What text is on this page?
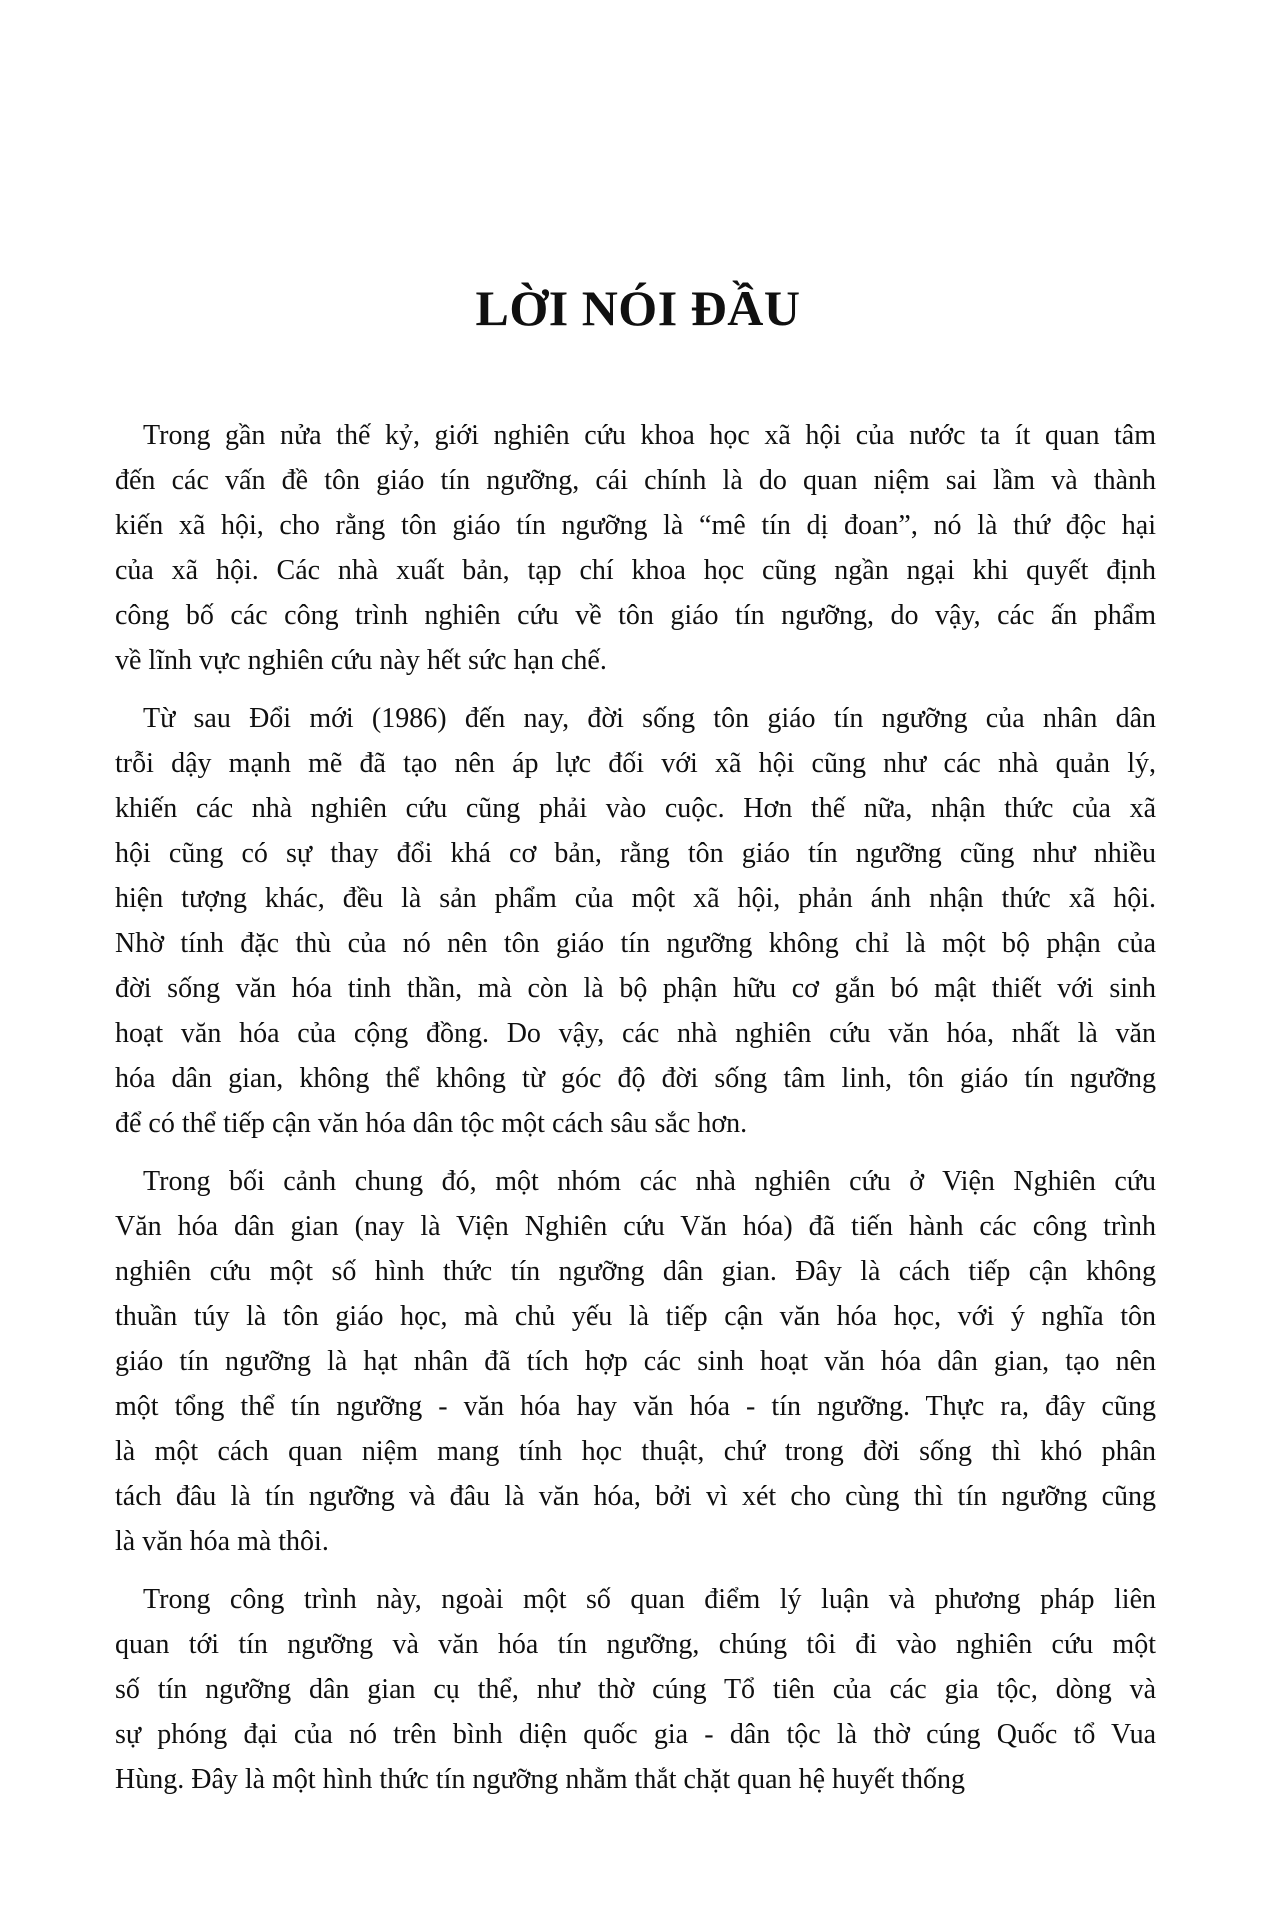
LỜI NÓI ĐẦU
Trong gần nửa thế kỷ, giới nghiên cứu khoa học xã hội của nước ta ít quan tâm
đến các vấn đề tôn giáo tín ngưỡng, cái chính là do quan niệm sai lầm và thành
kiến xã hội, cho rằng tôn giáo tín ngưỡng là “mê tín dị đoan”, nó là thứ độc hại
của xã hội. Các nhà xuất bản, tạp chí khoa học cũng ngần ngại khi quyết định
công bố các công trình nghiên cứu về tôn giáo tín ngưỡng, do vậy, các ấn phẩm
về lĩnh vực nghiên cứu này hết sức hạn chế.
Từ sau Đổi mới (1986) đến nay, đời sống tôn giáo tín ngưỡng của nhân dân
trỗi dậy mạnh mẽ đã tạo nên áp lực đối với xã hội cũng như các nhà quản lý,
khiến các nhà nghiên cứu cũng phải vào cuộc. Hơn thế nữa, nhận thức của xã
hội cũng có sự thay đổi khá cơ bản, rằng tôn giáo tín ngưỡng cũng như nhiều
hiện tượng khác, đều là sản phẩm của một xã hội, phản ánh nhận thức xã hội.
Nhờ tính đặc thù của nó nên tôn giáo tín ngưỡng không chỉ là một bộ phận của
đời sống văn hóa tinh thần, mà còn là bộ phận hữu cơ gắn bó mật thiết với sinh
hoạt văn hóa của cộng đồng. Do vậy, các nhà nghiên cứu văn hóa, nhất là văn
hóa dân gian, không thể không từ góc độ đời sống tâm linh, tôn giáo tín ngưỡng
để có thể tiếp cận văn hóa dân tộc một cách sâu sắc hơn.
Trong bối cảnh chung đó, một nhóm các nhà nghiên cứu ở Viện Nghiên cứu
Văn hóa dân gian (nay là Viện Nghiên cứu Văn hóa) đã tiến hành các công trình
nghiên cứu một số hình thức tín ngưỡng dân gian. Đây là cách tiếp cận không
thuần túy là tôn giáo học, mà chủ yếu là tiếp cận văn hóa học, với ý nghĩa tôn
giáo tín ngưỡng là hạt nhân đã tích hợp các sinh hoạt văn hóa dân gian, tạo nên
một tổng thể tín ngưỡng - văn hóa hay văn hóa - tín ngưỡng. Thực ra, đây cũng
là một cách quan niệm mang tính học thuật, chứ trong đời sống thì khó phân
tách đâu là tín ngưỡng và đâu là văn hóa, bởi vì xét cho cùng thì tín ngưỡng cũng
là văn hóa mà thôi.
Trong công trình này, ngoài một số quan điểm lý luận và phương pháp liên
quan tới tín ngưỡng và văn hóa tín ngưỡng, chúng tôi đi vào nghiên cứu một
số tín ngưỡng dân gian cụ thể, như thờ cúng Tổ tiên của các gia tộc, dòng và
sự phóng đại của nó trên bình diện quốc gia - dân tộc là thờ cúng Quốc tổ Vua
Hùng. Đây là một hình thức tín ngưỡng nhằm thắt chặt quan hệ huyết thống
